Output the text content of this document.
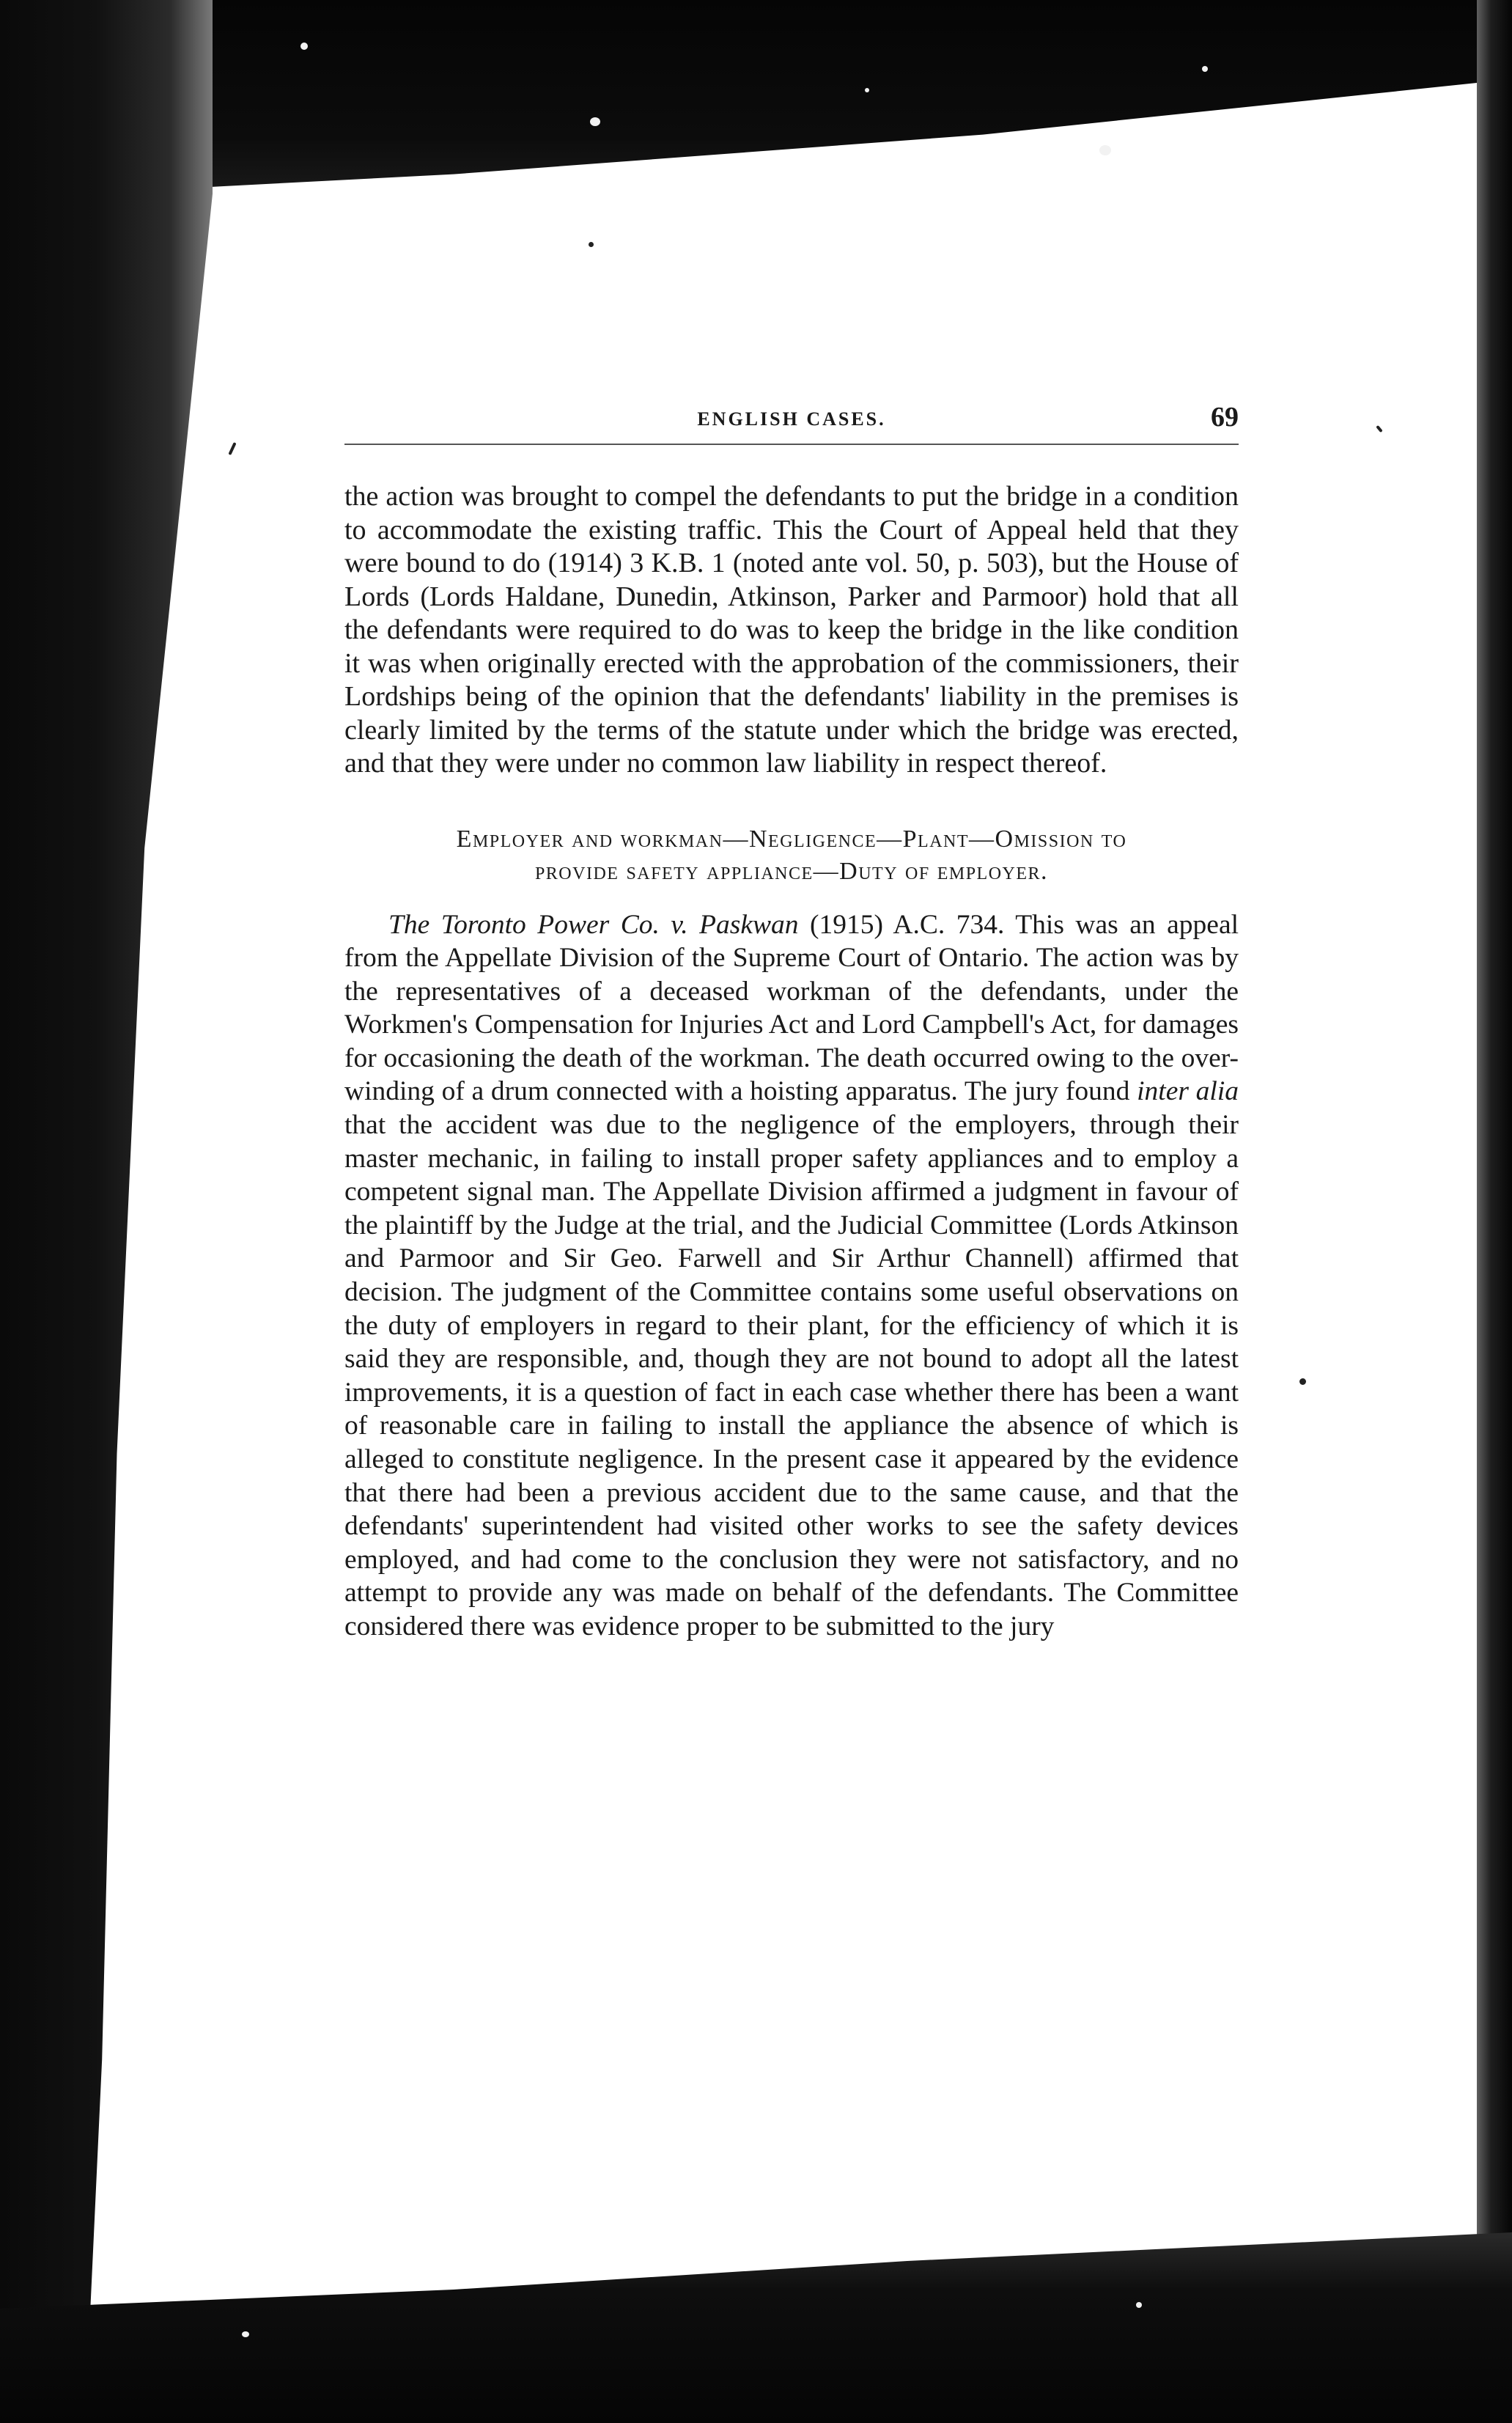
ENGLISH CASES.	69

the action was brought to compel the defendants to put the bridge in a condition to accommodate the existing traffic. This the Court of Appeal held that they were bound to do (1914) 3 K.B. 1 (noted ante vol. 50, p. 503), but the House of Lords (Lords Haldane, Dunedin, Atkinson, Parker and Parmoor) hold that all the defendants were required to do was to keep the bridge in the like condition it was when originally erected with the approbation of the commissioners, their Lordships being of the opinion that the defendants' liability in the premises is clearly limited by the terms of the statute under which the bridge was erected, and that they were under no common law liability in respect thereof.

Employer and workman—Negligence—Plant—Omission to
provide safety appliance—Duty of employer.

The Toronto Power Co. v. Paskwan (1915) A.C. 734. This was an appeal from the Appellate Division of the Supreme Court of Ontario. The action was by the representatives of a deceased workman of the defendants, under the Workmen's Compensation for Injuries Act and Lord Campbell's Act, for damages for occasioning the death of the workman. The death occurred owing to the over-winding of a drum connected with a hoisting apparatus. The jury found inter alia that the accident was due to the negligence of the employers, through their master mechanic, in failing to install proper safety appliances and to employ a competent signal man. The Appellate Division affirmed a judgment in favour of the plaintiff by the Judge at the trial, and the Judicial Committee (Lords Atkinson and Parmoor and Sir Geo. Farwell and Sir Arthur Channell) affirmed that decision. The judgment of the Committee contains some useful observations on the duty of employers in regard to their plant, for the efficiency of which it is said they are responsible, and, though they are not bound to adopt all the latest improvements, it is a question of fact in each case whether there has been a want of reasonable care in failing to install the appliance the absence of which is alleged to constitute negligence. In the present case it appeared by the evidence that there had been a previous accident due to the same cause, and that the defendants' superintendent had visited other works to see the safety devices employed, and had come to the conclusion they were not satisfactory, and no attempt to provide any was made on behalf of the defendants. The Committee considered there was evidence proper to be submitted to the jury
